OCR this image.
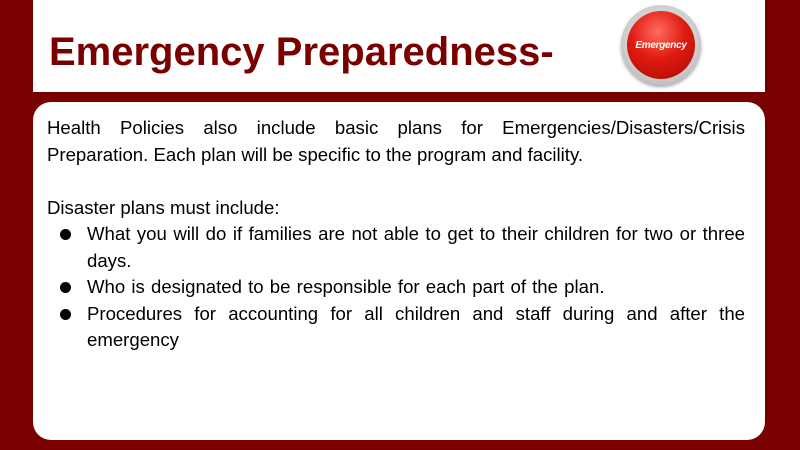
Emergency Preparedness-	Emergency

Health Policies also include basic plans for Emergencies/Disasters/Crisis Preparation. Each plan will be specific to the program and facility.

Disaster plans must include:

What you will do if families are not able to get to their children for two or three days.
Who is designated to be responsible for each part of the plan.
Procedures for accounting for all children and staff during and after the emergency
